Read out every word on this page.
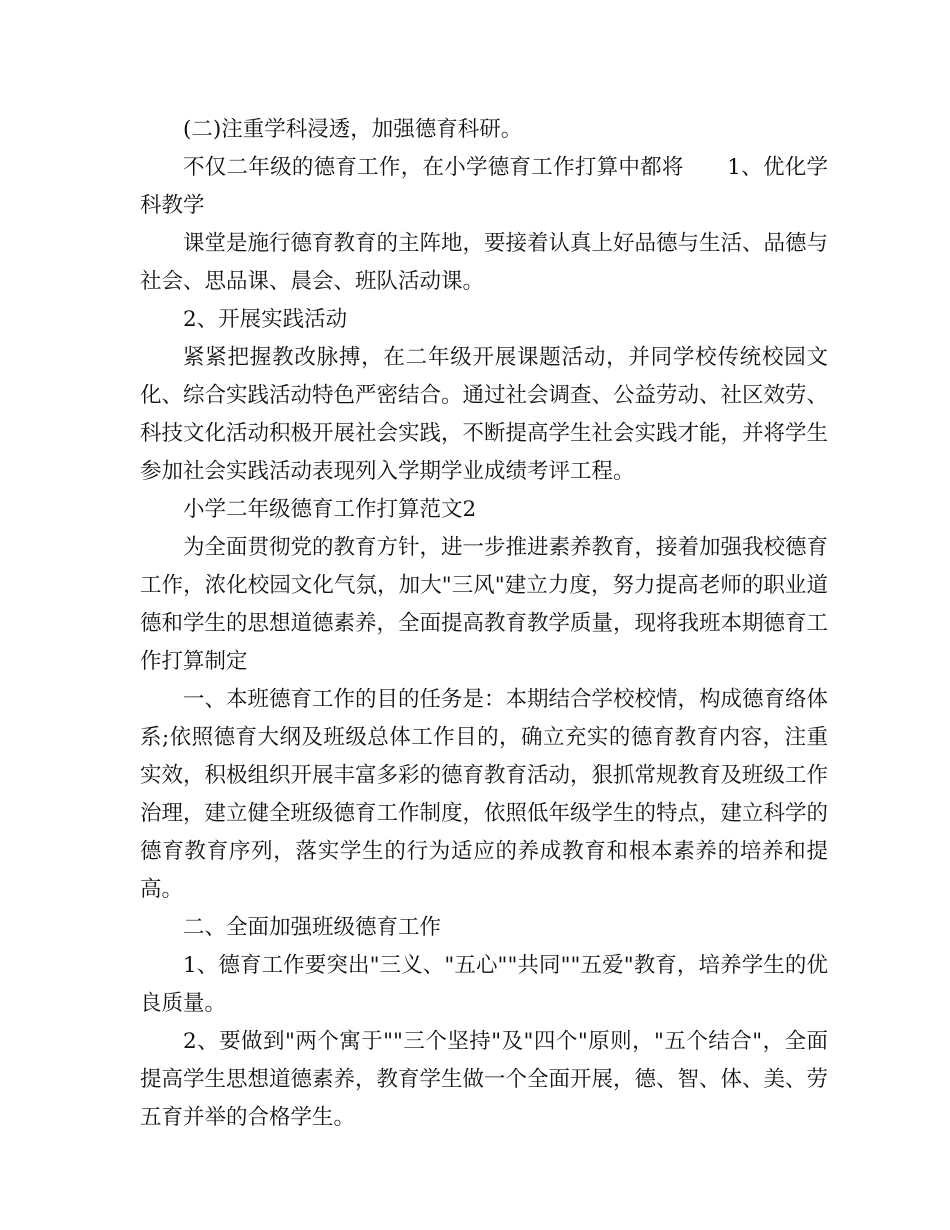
(二)注重学科浸透，加强德育科研。

不仅二年级的德育工作，在小学德育工作打算中都将　　1、优化学科教学

课堂是施行德育教育的主阵地，要接着认真上好品德与生活、品德与社会、思品课、晨会、班队活动课。

2、开展实践活动

紧紧把握教改脉搏，在二年级开展课题活动，并同学校传统校园文化、综合实践活动特色严密结合。通过社会调查、公益劳动、社区效劳、科技文化活动积极开展社会实践，不断提高学生社会实践才能，并将学生参加社会实践活动表现列入学期学业成绩考评工程。

小学二年级德育工作打算范文2

为全面贯彻党的教育方针，进一步推进素养教育，接着加强我校德育工作，浓化校园文化气氛，加大"三风"建立力度，努力提高老师的职业道德和学生的思想道德素养，全面提高教育教学质量，现将我班本期德育工作打算制定

一、本班德育工作的目的任务是：本期结合学校校情，构成德育络体系;依照德育大纲及班级总体工作目的，确立充实的德育教育内容，注重实效，积极组织开展丰富多彩的德育教育活动，狠抓常规教育及班级工作治理，建立健全班级德育工作制度，依照低年级学生的特点，建立科学的德育教育序列，落实学生的行为适应的养成教育和根本素养的培养和提高。

二、全面加强班级德育工作

1、德育工作要突出"三义、"五心""共同""五爱"教育，培养学生的优良质量。

2、要做到"两个寓于""三个坚持"及"四个"原则，"五个结合"，全面提高学生思想道德素养，教育学生做一个全面开展，德、智、体、美、劳五育并举的合格学生。
